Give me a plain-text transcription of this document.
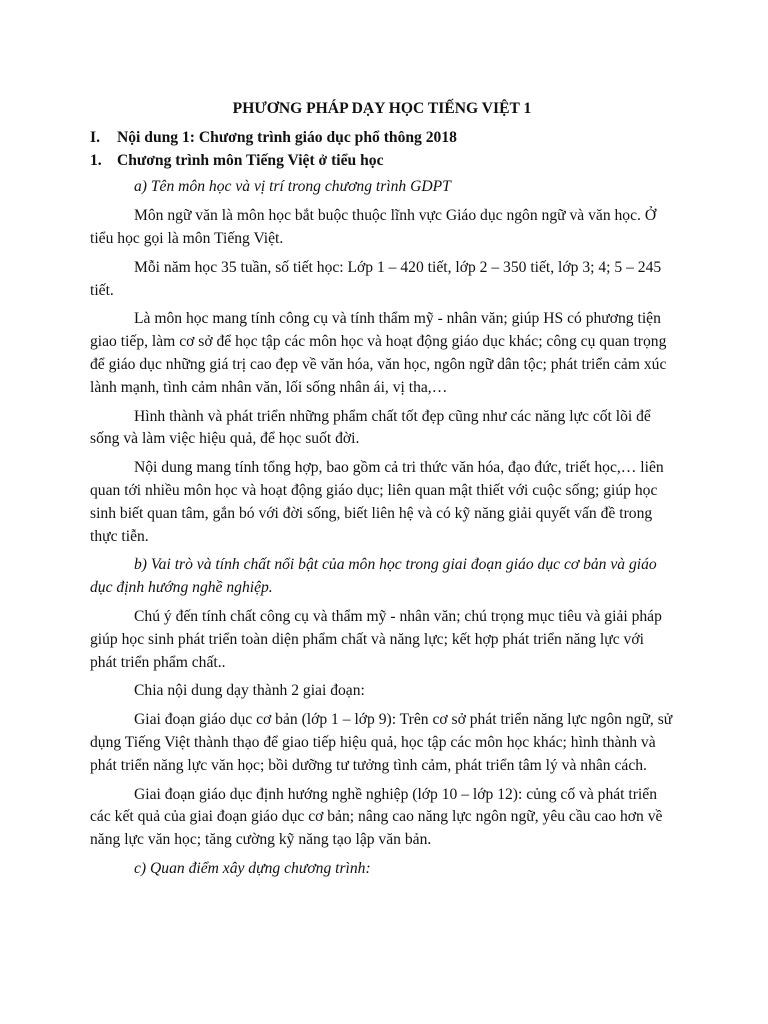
PHƯƠNG PHÁP DẠY HỌC TIẾNG VIỆT 1
I.	Nội dung 1: Chương trình giáo dục phổ thông 2018
1. Chương trình môn Tiếng Việt ở tiểu học

a) Tên môn học và vị trí trong chương trình GDPT

Môn ngữ văn là môn học bắt buộc thuộc lĩnh vực Giáo dục ngôn ngữ và văn học. Ở tiểu học gọi là môn Tiếng Việt.

Mỗi năm học 35 tuần, số tiết học: Lớp 1 – 420 tiết, lớp 2 – 350 tiết, lớp 3; 4; 5 – 245 tiết.

Là môn học mang tính công cụ và tính thẩm mỹ - nhân văn; giúp HS có phương tiện giao tiếp, làm cơ sở để học tập các môn học và hoạt động giáo dục khác; công cụ quan trọng để giáo dục những giá trị cao đẹp về văn hóa, văn học, ngôn ngữ dân tộc; phát triển cảm xúc lành mạnh, tình cảm nhân văn, lối sống nhân ái, vị tha,…

Hình thành và phát triển những phẩm chất tốt đẹp cũng như các năng lực cốt lõi để sống và làm việc hiệu quả, để học suốt đời.

Nội dung mang tính tổng hợp, bao gồm cả tri thức văn hóa, đạo đức, triết học,… liên quan tới nhiều môn học và hoạt động giáo dục; liên quan mật thiết với cuộc sống; giúp học sinh biết quan tâm, gắn bó với đời sống, biết liên hệ và có kỹ năng giải quyết vấn đề trong thực tiễn.

b) Vai trò và tính chất nổi bật của môn học trong giai đoạn giáo dục cơ bản và giáo dục định hướng nghề nghiệp.

Chú ý đến tính chất công cụ và thẩm mỹ - nhân văn; chú trọng mục tiêu và giải pháp giúp học sinh phát triển toàn diện phẩm chất và năng lực; kết hợp phát triển năng lực với phát triển phẩm chất..

Chia nội dung dạy thành 2 giai đoạn:

Giai đoạn giáo dục cơ bản (lớp 1 – lớp 9): Trên cơ sở phát triển năng lực ngôn ngữ, sử dụng Tiếng Việt thành thạo để giao tiếp hiệu quả, học tập các môn học khác; hình thành và phát triển năng lực văn học; bồi dưỡng tư tưởng tình cảm, phát triển tâm lý và nhân cách.

Giai đoạn giáo dục định hướng nghề nghiệp (lớp 10 – lớp 12): củng cố và phát triển các kết quả của giai đoạn giáo dục cơ bản; nâng cao năng lực ngôn ngữ, yêu cầu cao hơn về năng lực văn học; tăng cường kỹ năng tạo lập văn bản.

c) Quan điểm xây dựng chương trình:
